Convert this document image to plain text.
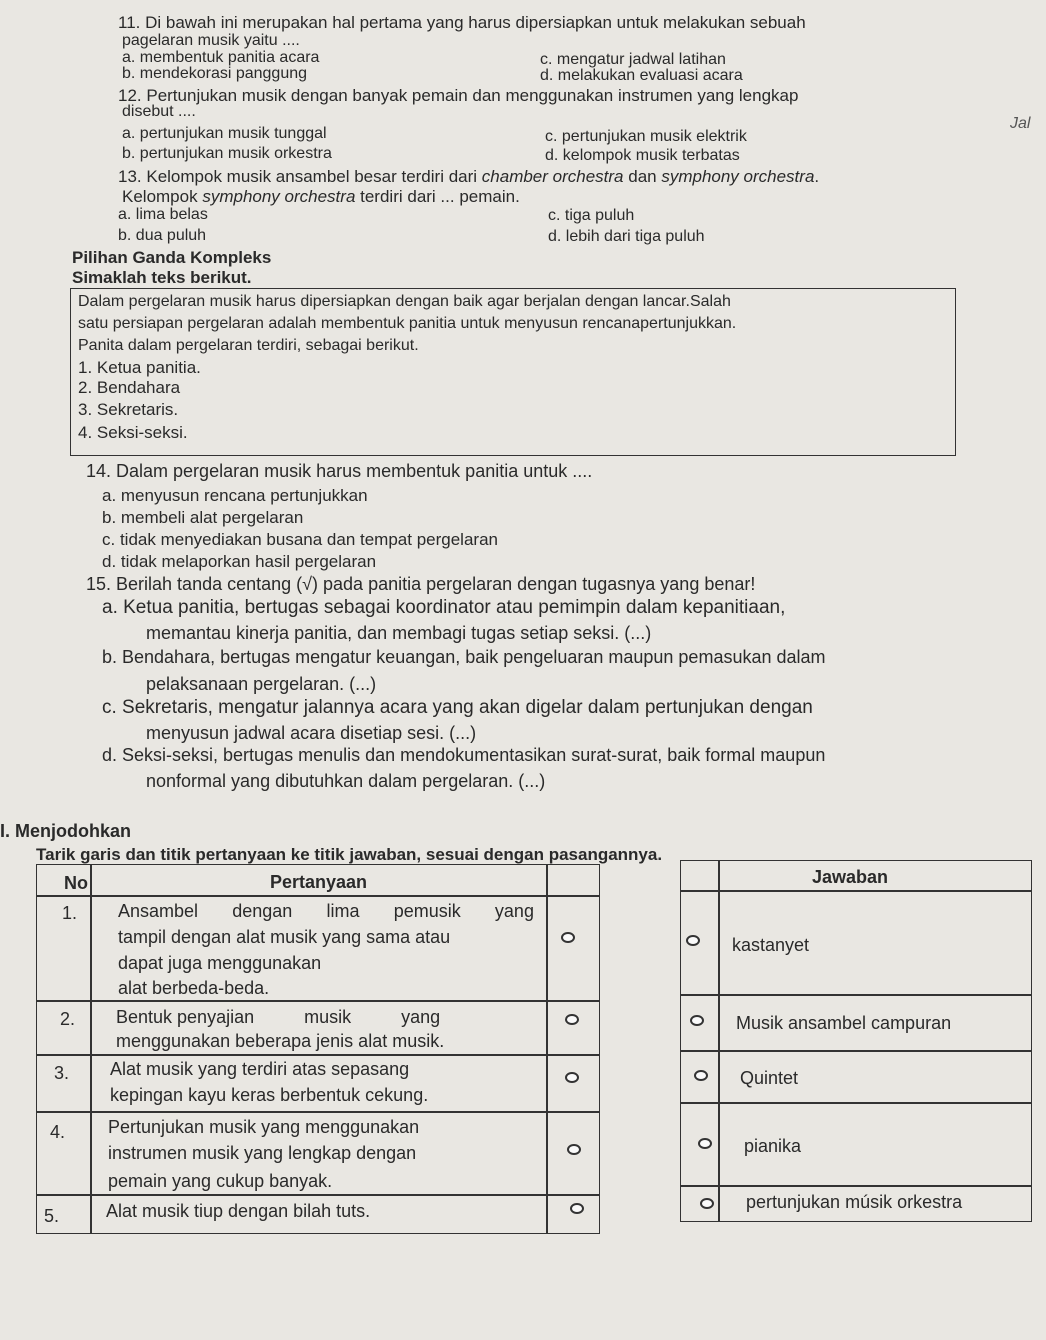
11. Di bawah ini merupakan hal pertama yang harus dipersiapkan untuk melakukan sebuah
pagelaran musik yaitu ....
a. membentuk panitia acara
b. mendekorasi panggung
c. mengatur jadwal latihan
d. melakukan evaluasi acara
12. Pertunjukan musik dengan banyak pemain dan menggunakan instrumen yang lengkap
disebut ....
a. pertunjukan musik tunggal
b. pertunjukan musik orkestra
c. pertunjukan musik elektrik
d. kelompok musik terbatas
Jal
13. Kelompok musik ansambel besar terdiri dari chamber orchestra dan symphony orchestra.
Kelompok symphony orchestra terdiri dari ... pemain.
a. lima belas
b. dua puluh
c. tiga puluh
d. lebih dari tiga puluh
Pilihan Ganda Kompleks
Simaklah teks berikut.
Dalam pergelaran musik harus dipersiapkan dengan baik agar berjalan dengan lancar.Salah
satu persiapan pergelaran adalah membentuk panitia untuk menyusun rencanapertunjukkan.
Panita dalam pergelaran terdiri, sebagai berikut.
1. Ketua panitia.
2. Bendahara
3. Sekretaris.
4. Seksi-seksi.
14. Dalam pergelaran musik harus membentuk panitia untuk ....
a. menyusun rencana pertunjukkan
b. membeli alat pergelaran
c. tidak menyediakan busana dan tempat pergelaran
d. tidak melaporkan hasil pergelaran
15. Berilah tanda centang (√) pada panitia pergelaran dengan tugasnya yang benar!
a. Ketua panitia, bertugas sebagai koordinator atau pemimpin dalam kepanitiaan,
memantau kinerja panitia, dan membagi tugas setiap seksi. (...)
b. Bendahara, bertugas mengatur keuangan, baik pengeluaran maupun pemasukan dalam
pelaksanaan pergelaran. (...)
c. Sekretaris, mengatur jalannya acara yang akan digelar dalam pertunjukan dengan
menyusun jadwal acara disetiap sesi. (...)
d. Seksi-seksi, bertugas menulis dan mendokumentasikan surat-surat, baik formal maupun
nonformal yang dibutuhkan dalam pergelaran. (...)
I. Menjodohkan
Tarik garis dan titik pertanyaan ke titik jawaban, sesuai dengan pasangannya.
No	Pertanyaan
1. Ansambel dengan lima pemusik yang
tampil dengan alat musik yang sama atau
dapat juga menggunakan
alat berbeda-beda.
2. Bentuk penyajian          musik          yang
menggunakan beberapa jenis alat musik.
3. Alat musik yang terdiri atas sepasang
kepingan kayu keras berbentuk cekung.
4. Pertunjukan musik yang menggunakan
instrumen musik yang lengkap dengan
pemain yang cukup banyak.
5.	Alat musik tiup dengan bilah tuts.
Jawaban
kastanyet
Musik ansambel campuran
Quintet
pianika
pertunjukan músik orkestra
